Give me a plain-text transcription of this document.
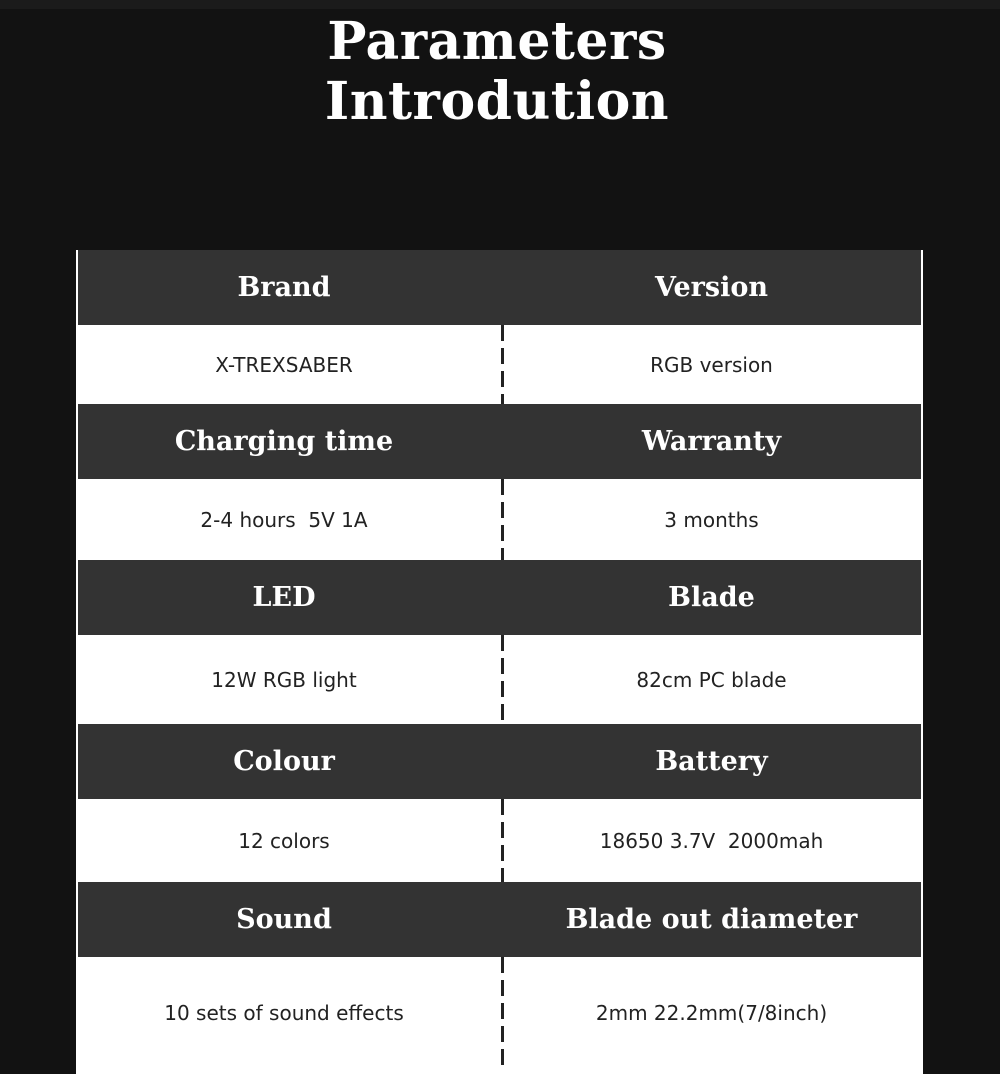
Parameters
Introdution
Brand	Version
X-TREXSABER	RGB version
Charging time	Warranty
2-4 hours  5V 1A	3 months
LED	Blade
12W RGB light	82cm PC blade
Colour	Battery
12 colors	18650 3.7V  2000mah
Sound	Blade out diameter
10 sets of sound effects	2mm 22.2mm(7/8inch)
